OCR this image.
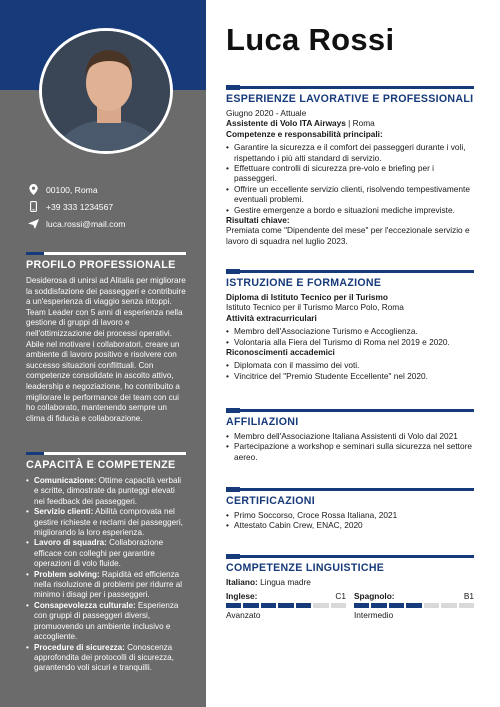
00100, Roma
+39 333 1234567
luca.rossi@mail.com
PROFILO PROFESSIONALE
Desiderosa di unirsi ad Alitalia per migliorare la soddisfazione dei passeggeri e contribuire a un'esperienza di viaggio senza intoppi. Team Leader con 5 anni di esperienza nella gestione di gruppi di lavoro e nell'ottimizzazione dei processi operativi. Abile nel motivare i collaboratori, creare un ambiente di lavoro positivo e risolvere con successo situazioni conflittuali. Con competenze consolidate in ascolto attivo, leadership e negoziazione, ho contribuito a migliorare le performance dei team con cui ho collaborato, mantenendo sempre un clima di fiducia e collaborazione.
CAPACITÀ E COMPETENZE
• Comunicazione: Ottime capacità verbali e scritte, dimostrate da punteggi elevati nei feedback dei passeggeri.
• Servizio clienti: Abilità comprovata nel gestire richieste e reclami dei passeggeri, migliorando la loro esperienza.
• Lavoro di squadra: Collaborazione efficace con colleghi per garantire operazioni di volo fluide.
• Problem solving: Rapidità ed efficienza nella risoluzione di problemi per ridurre al minimo i disagi per i passeggeri.
• Consapevolezza culturale: Esperienza con gruppi di passeggeri diversi, promuovendo un ambiente inclusivo e accogliente.
• Procedure di sicurezza: Conoscenza approfondita dei protocolli di sicurezza, garantendo voli sicuri e tranquilli.
Luca Rossi
ESPERIENZE LAVORATIVE E PROFESSIONALI
Giugno 2020 - Attuale
Assistente di Volo ITA Airways | Roma
Competenze e responsabilità principali:
• Garantire la sicurezza e il comfort dei passeggeri durante i voli, rispettando i più alti standard di servizio.
• Effettuare controlli di sicurezza pre-volo e briefing per i passeggeri.
• Offrire un eccellente servizio clienti, risolvendo tempestivamente eventuali problemi.
• Gestire emergenze a bordo e situazioni mediche impreviste.
Risultati chiave:
Premiata come "Dipendente del mese" per l'eccezionale servizio e lavoro di squadra nel luglio 2023.
ISTRUZIONE E FORMAZIONE
Diploma di Istituto Tecnico per il Turismo
Istituto Tecnico per il Turismo Marco Polo, Roma
Attività extracurriculari
• Membro dell'Associazione Turismo e Accoglienza.
• Volontaria alla Fiera del Turismo di Roma nel 2019 e 2020.
Riconoscimenti accademici
• Diplomata con il massimo dei voti.
• Vincitrice del "Premio Studente Eccellente" nel 2020.
AFFILIAZIONI
• Membro dell'Associazione Italiana Assistenti di Volo dal 2021
• Partecipazione a workshop e seminari sulla sicurezza nel settore aereo.
CERTIFICAZIONI
• Primo Soccorso, Croce Rossa Italiana, 2021
• Attestato Cabin Crew, ENAC, 2020
COMPETENZE LINGUISTICHE
Italiano: Lingua madre
Inglese:	C1
Avanzato
Spagnolo:	B1
Intermedio
